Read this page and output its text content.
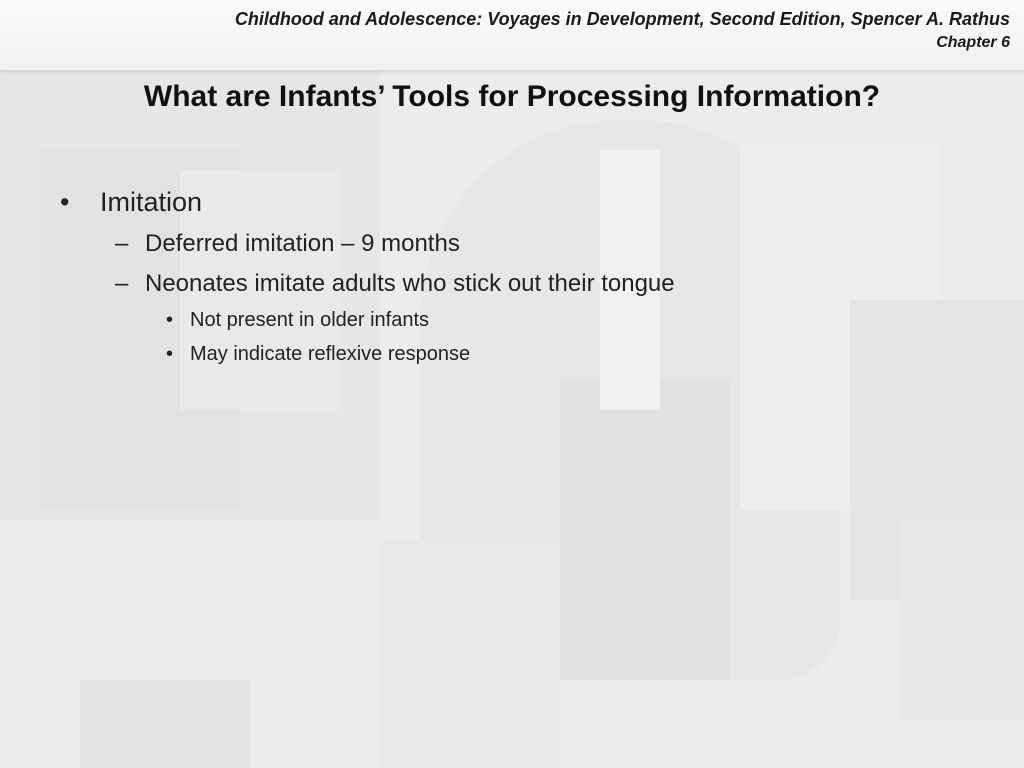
Childhood and Adolescence: Voyages in Development, Second Edition, Spencer A. Rathus
Chapter 6
What are Infants’ Tools for Processing Information?
• Imitation
– Deferred imitation – 9 months
– Neonates imitate adults who stick out their tongue
• Not present in older infants
• May indicate reflexive response
